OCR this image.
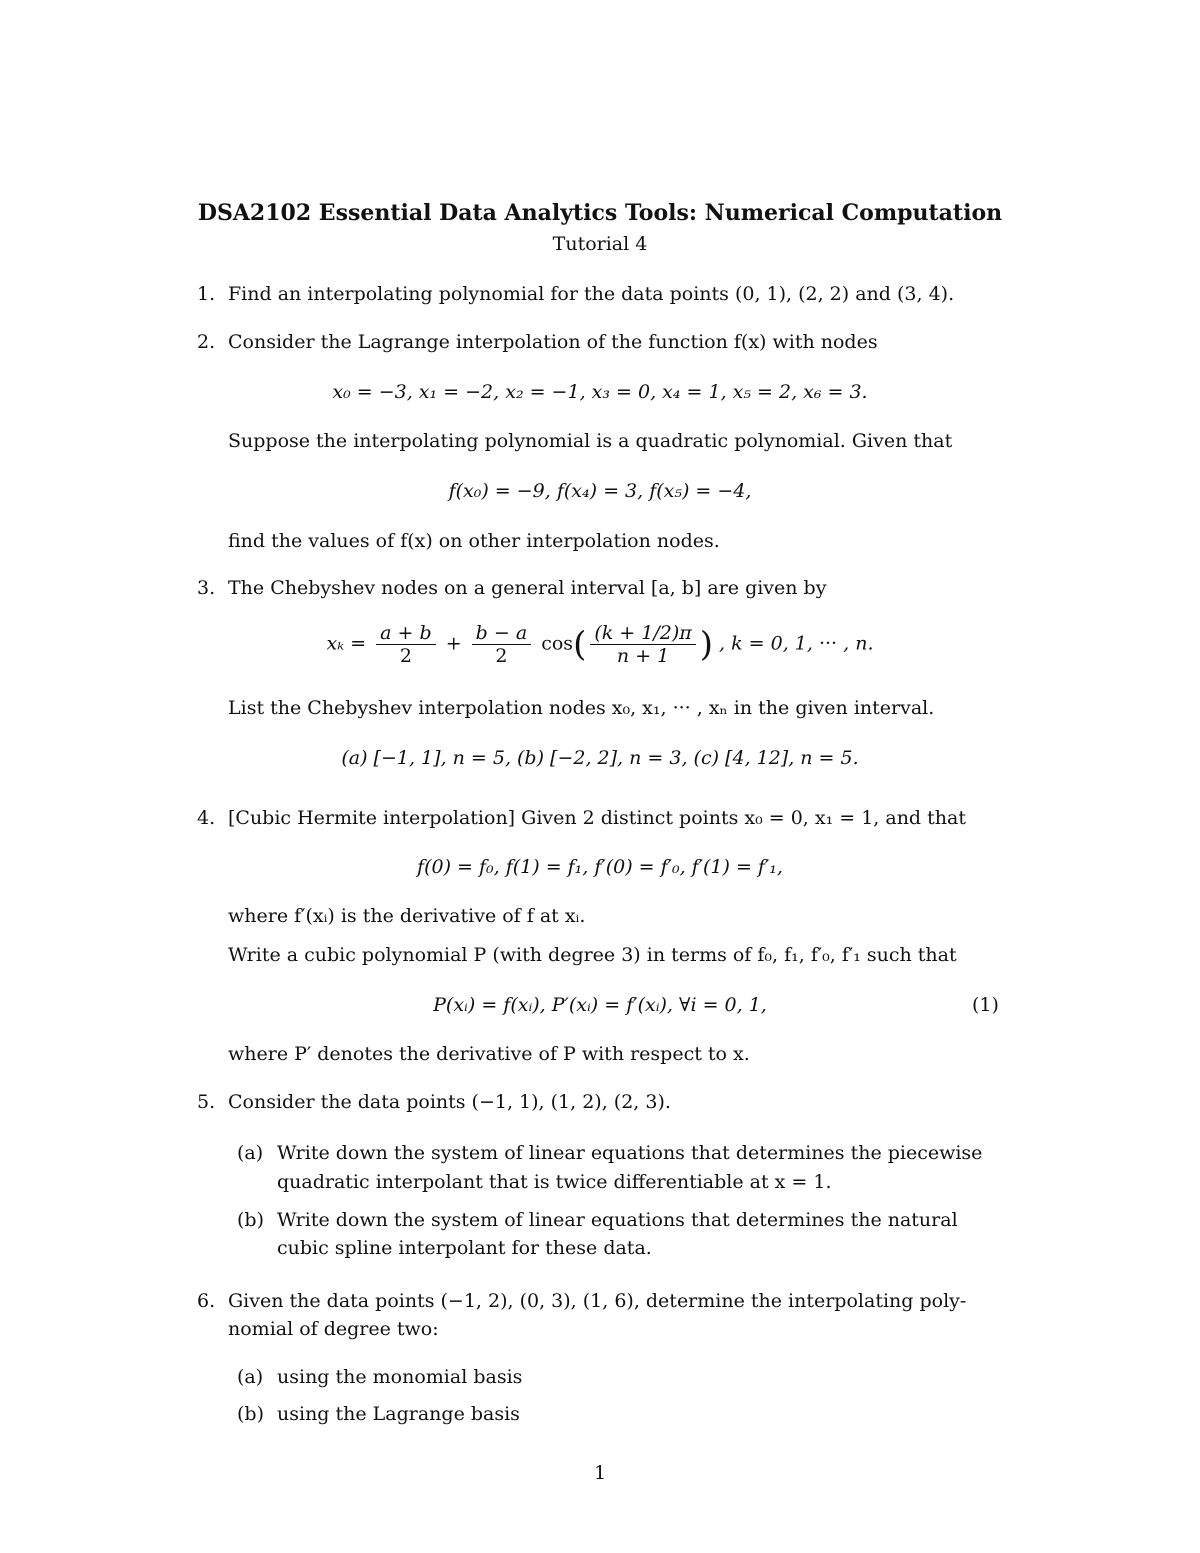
DSA2102 Essential Data Analytics Tools: Numerical Computation
Tutorial 4
1. Find an interpolating polynomial for the data points (0, 1), (2, 2) and (3, 4).
2. Consider the Lagrange interpolation of the function f(x) with nodes
x₀ = −3, x₁ = −2, x₂ = −1, x₃ = 0, x₄ = 1, x₅ = 2, x₆ = 3.
Suppose the interpolating polynomial is a quadratic polynomial. Given that
f(x₀) = −9, f(x₄) = 3, f(x₅) = −4,
find the values of f(x) on other interpolation nodes.
3. The Chebyshev nodes on a general interval [a, b] are given by
$x_k = \frac{a + b}{2} + \frac{b - a}{2} \cos( \frac{(k + 1/2)\pi}{n + 1}$ ) , k = 0, 1, ··· , n.
List the Chebyshev interpolation nodes x₀, x₁, ··· , xₙ in the given interval.
(a) [−1, 1], n = 5, (b) [−2, 2], n = 3, (c) [4, 12], n = 5.
4. [Cubic Hermite interpolation] Given 2 distinct points x₀ = 0, x₁ = 1, and that
f(0) = f₀, f(1) = f₁, f′(0) = f′₀, f′(1) = f′₁,
where f′(xᵢ) is the derivative of f at xᵢ.
Write a cubic polynomial P (with degree 3) in terms of f₀, f₁, f′₀, f′₁ such that
P(xᵢ) = f(xᵢ), P′(xᵢ) = f′(xᵢ), ∀i = 0, 1,	(1)
where P′ denotes the derivative of P with respect to x.
5. Consider the data points (−1, 1), (1, 2), (2, 3).
(a) Write down the system of linear equations that determines the piecewise
quadratic interpolant that is twice differentiable at x = 1.
(b) Write down the system of linear equations that determines the natural
cubic spline interpolant for these data.
6. Given the data points (−1, 2), (0, 3), (1, 6), determine the interpolating poly-
nomial of degree two:
(a) using the monomial basis
(b) using the Lagrange basis
1
